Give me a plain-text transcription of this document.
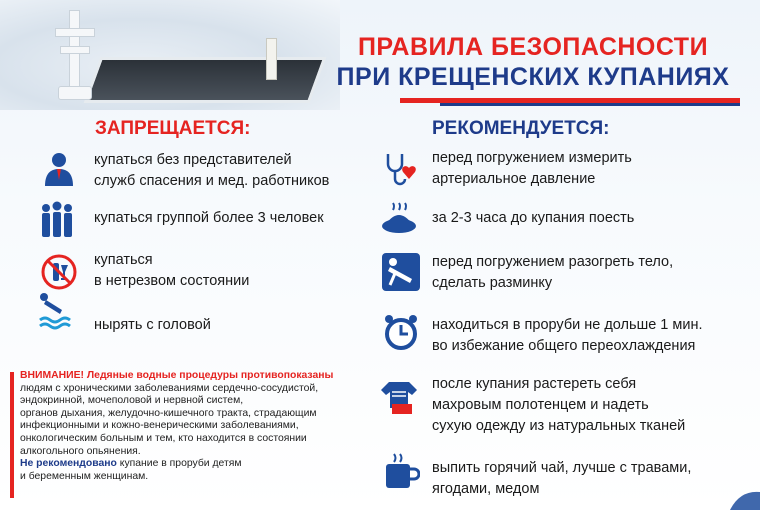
ПРАВИЛА БЕЗОПАСНОСТИ
ПРИ КРЕЩЕНСКИХ КУПАНИЯХ
ЗАПРЕЩАЕТСЯ:	РЕКОМЕНДУЕТСЯ:
купаться без представителей
служб спасения и мед. работников
купаться группой более 3 человек
купаться
в нетрезвом состоянии
нырять с головой
перед погружением измерить
артериальное давление
за 2-3 часа до купания поесть
перед погружением разогреть тело,
сделать разминку
находиться в проруби не дольше 1 мин.
во избежание общего переохлаждения
после купания растереть себя
махровым полотенцем и надеть
сухую одежду из натуральных тканей
выпить горячий чай, лучше с травами,
ягодами, медом
ВНИМАНИЕ! Ледяные водные процедуры противопоказаны
людям с хроническими заболеваниями сердечно-сосудистой,
эндокринной, мочеполовой и нервной систем,
органов дыхания, желудочно-кишечного тракта, страдающим
инфекционными и кожно-венерическими заболеваниями,
онкологическим больным и тем, кто находится в состоянии
алкогольного опьянения.
Не рекомендовано купание в проруби детям
и беременным женщинам.
